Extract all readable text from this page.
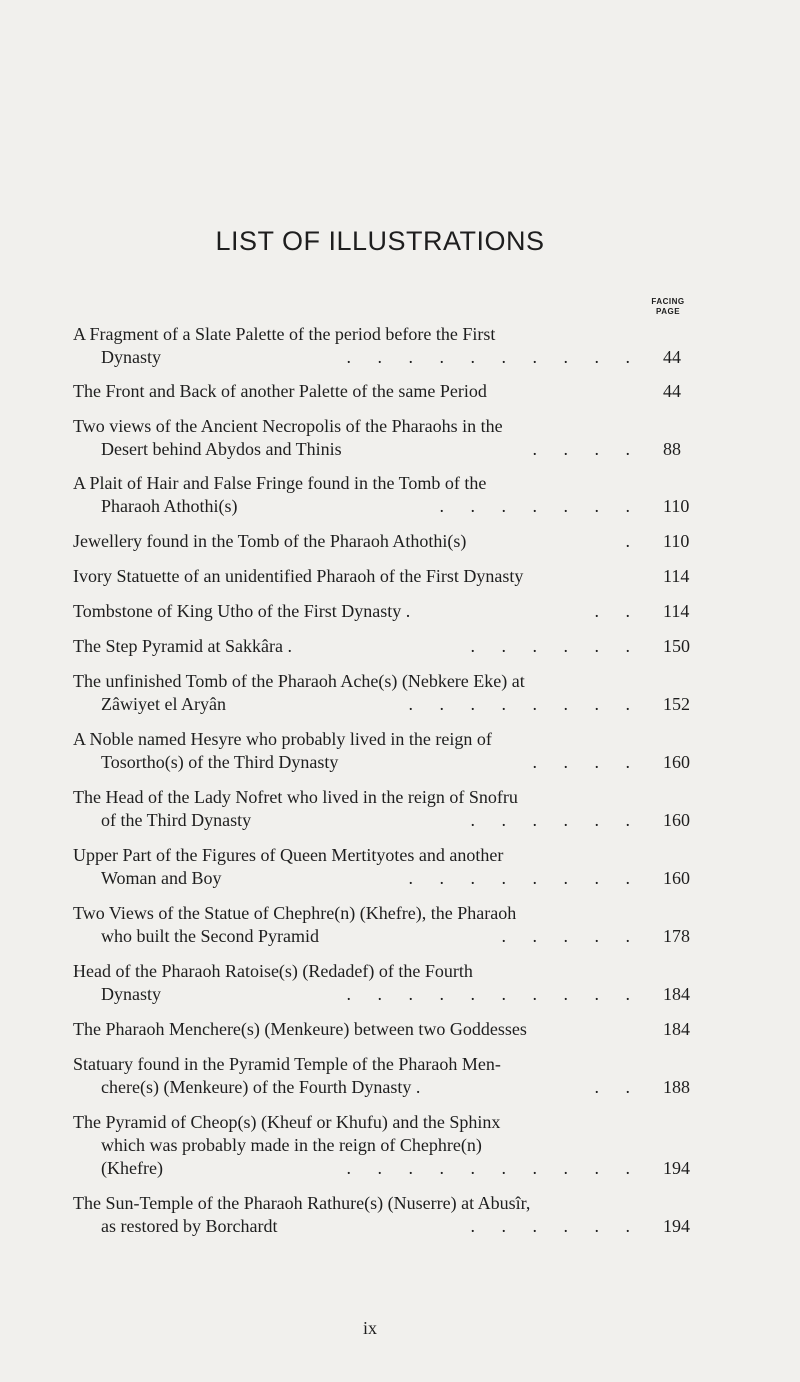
LIST OF ILLUSTRATIONS
FACING
PAGE
A Fragment of a Slate Palette of the period before the First
Dynasty	. . . . . . . . . . 44
The Front and Back of another Palette of the same Period	44
Two views of the Ancient Necropolis of the Pharaohs in the
Desert behind Abydos and Thinis	. . . . 88
A Plait of Hair and False Fringe found in the Tomb of the
Pharaoh Athothi(s)	. . . . . . . 110
Jewellery found in the Tomb of the Pharaoh Athothi(s)	. 110
Ivory Statuette of an unidentified Pharaoh of the First Dynasty	114
Tombstone of King Utho of the First Dynasty .	. . 114
The Step Pyramid at Sakkâra .	. . . . . . 150
The unfinished Tomb of the Pharaoh Ache(s) (Nebkere Eke) at
Zâwiyet el Aryân	. . . . . . . . 152
A Noble named Hesyre who probably lived in the reign of
Tosortho(s) of the Third Dynasty	. . . . 160
The Head of the Lady Nofret who lived in the reign of Snofru
of the Third Dynasty	. . . . . . 160
Upper Part of the Figures of Queen Mertityotes and another
Woman and Boy	. . . . . . . . 160
Two Views of the Statue of Chephre(n) (Khefre), the Pharaoh
who built the Second Pyramid	. . . . . 178
Head of the Pharaoh Ratoise(s) (Redadef) of the Fourth
Dynasty	. . . . . . . . . . 184
The Pharaoh Menchere(s) (Menkeure) between two Goddesses	184
Statuary found in the Pyramid Temple of the Pharaoh Men-
chere(s) (Menkeure) of the Fourth Dynasty .	. . 188
The Pyramid of Cheop(s) (Kheuf or Khufu) and the Sphinx
which was probably made in the reign of Chephre(n)
(Khefre)	. . . . . . . . . . 194
The Sun-Temple of the Pharaoh Rathure(s) (Nuserre) at Abusîr,
as restored by Borchardt	. . . . . . 194
ix
